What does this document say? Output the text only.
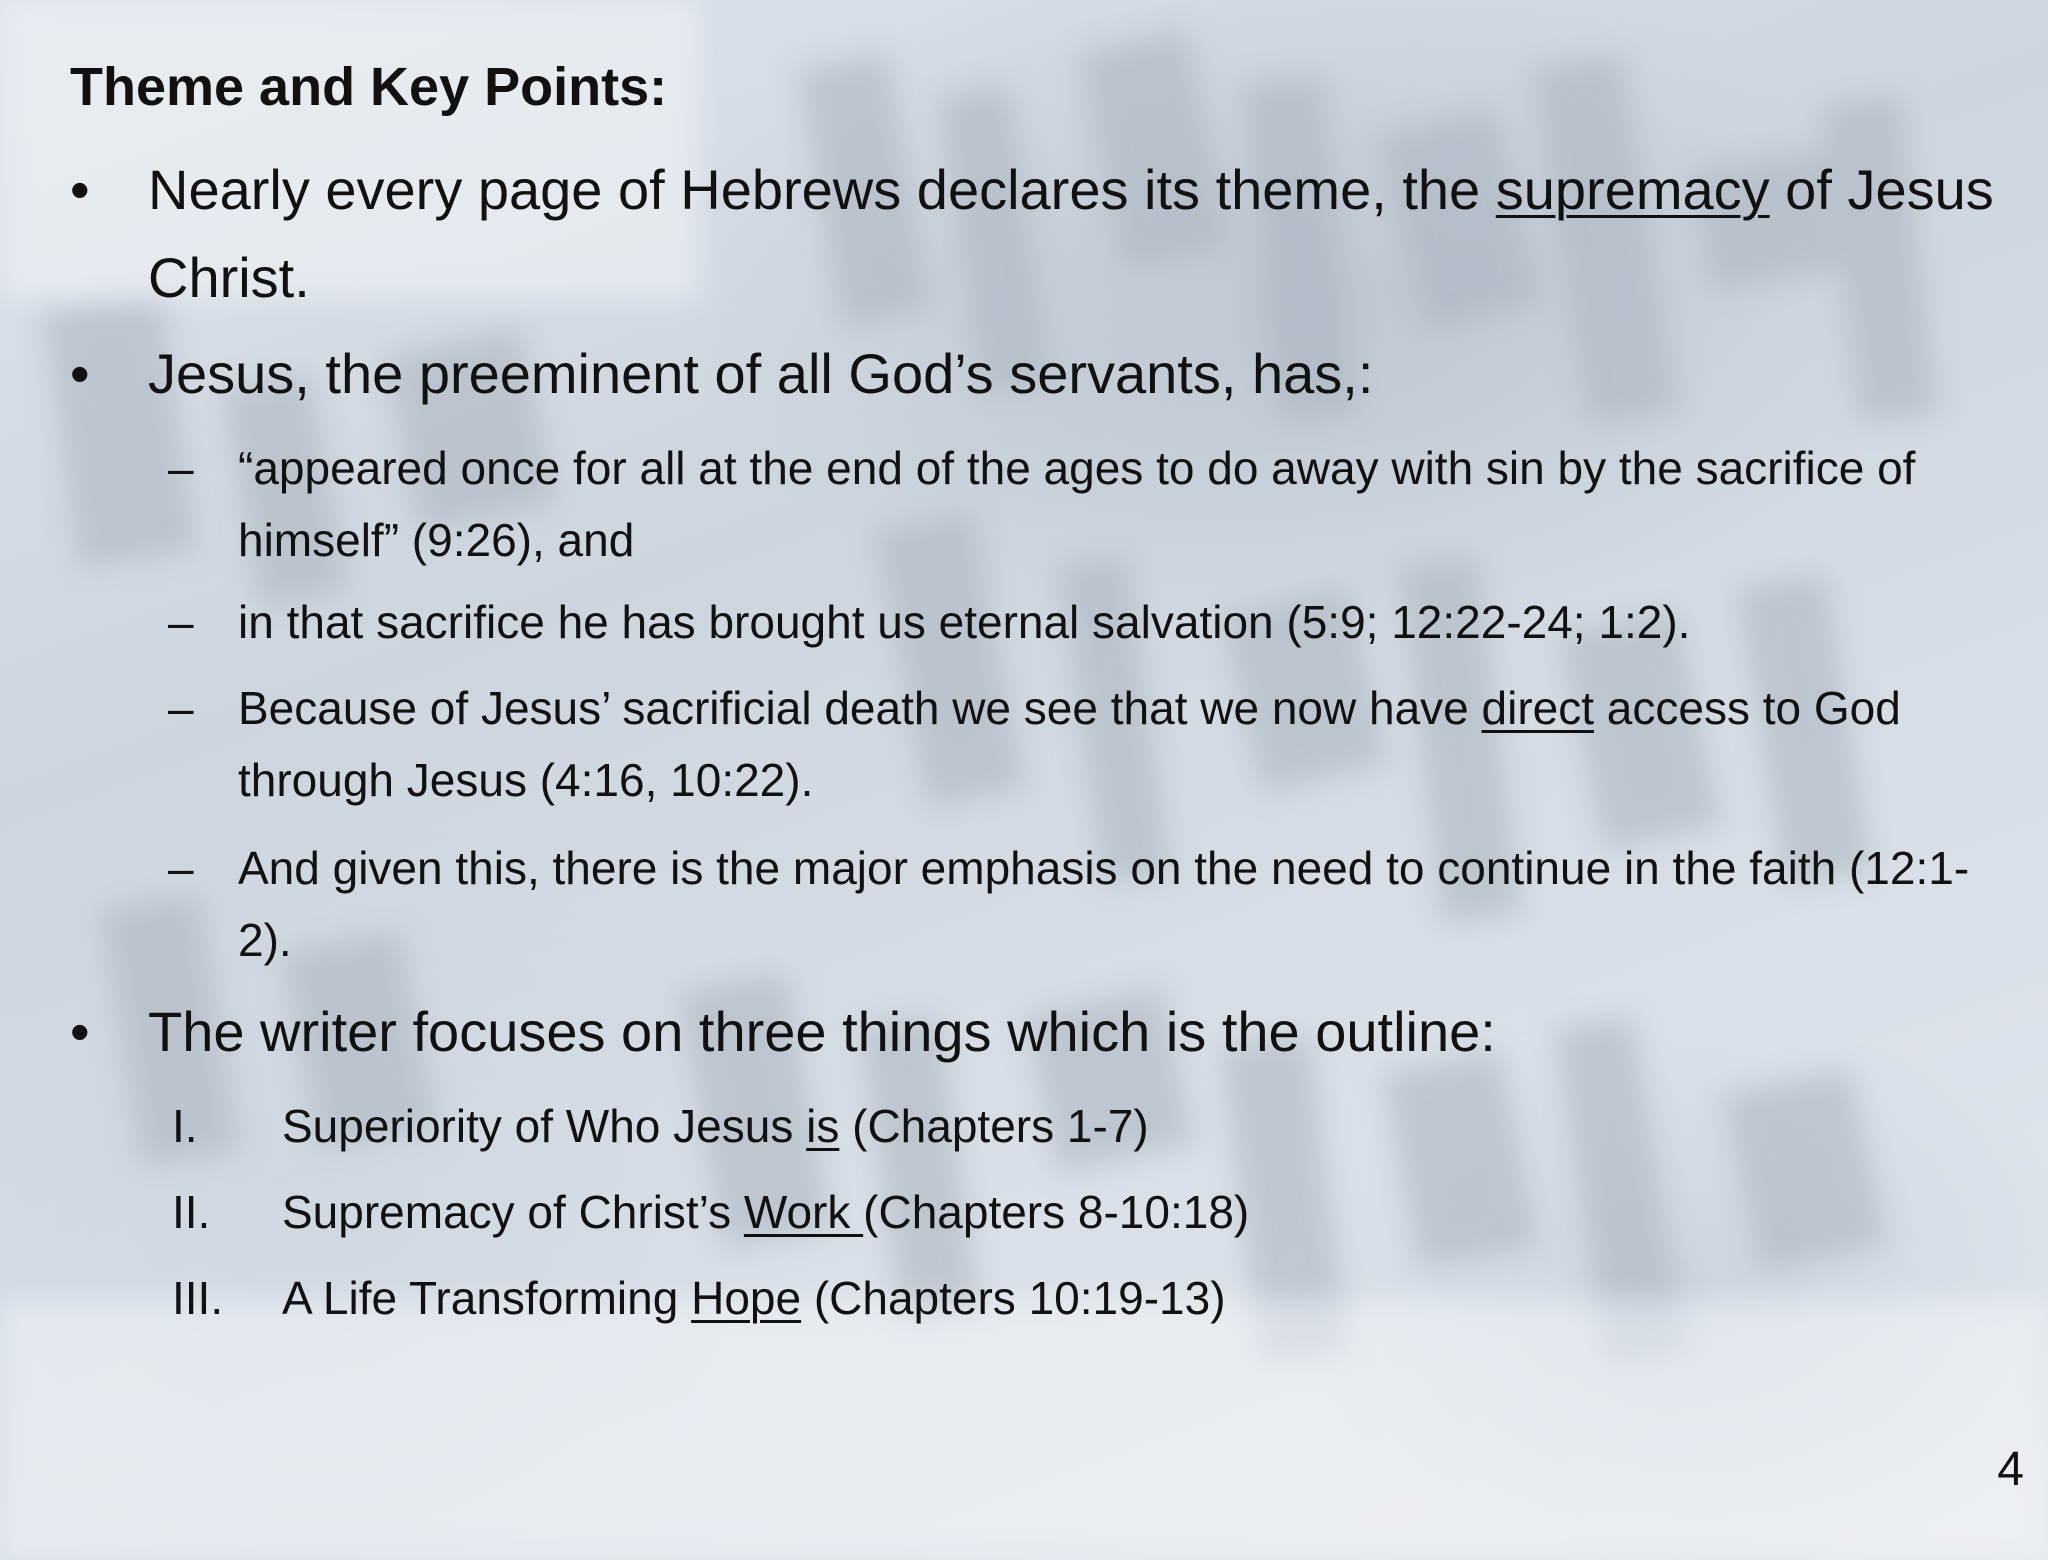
Theme and Key Points:
•	Nearly every page of Hebrews declares its theme, the supremacy of Jesus Christ.
•	Jesus, the preeminent of all God’s servants, has,:
– “appeared once for all at the end of the ages to do away with sin by the sacrifice of himself” (9:26), and
– in that sacrifice he has brought us eternal salvation (5:9; 12:22-24; 1:2).
– Because of Jesus’ sacrificial death we see that we now have direct access to God through Jesus (4:16, 10:22).
– And given this, there is the major emphasis on the need to continue in the faith (12:1-2).
•	The writer focuses on three things which is the outline:
I. Superiority of Who Jesus is (Chapters 1-7)
II. Supremacy of Christ’s Work (Chapters 8-10:18)
III. A Life Transforming Hope (Chapters 10:19-13)
4
